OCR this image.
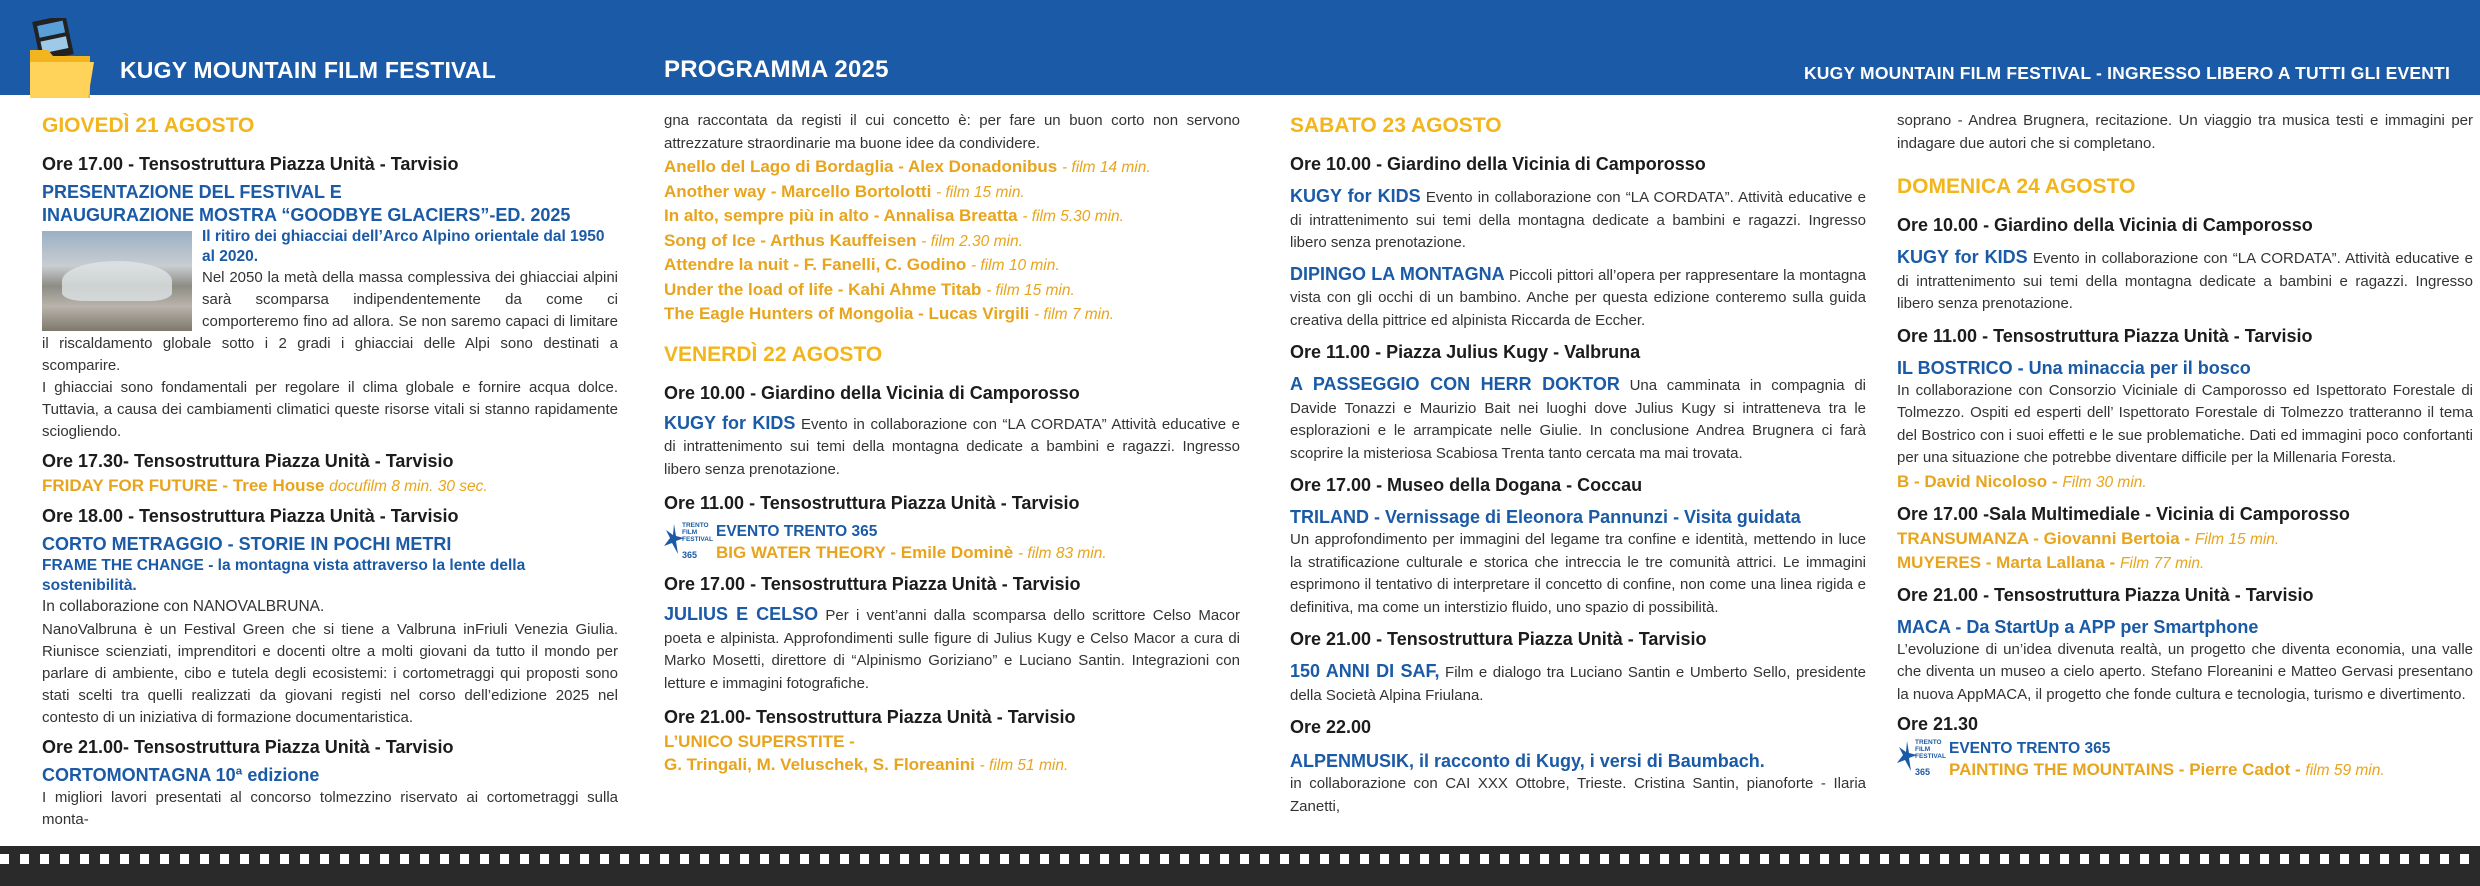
KUGY MOUNTAIN FILM FESTIVAL	PROGRAMMA 2025	KUGY MOUNTAIN FILM FESTIVAL - INGRESSO LIBERO A TUTTI GLI EVENTI
GIOVEDÌ 21 AGOSTO
Ore 17.00 - Tensostruttura Piazza Unità - Tarvisio
PRESENTAZIONE DEL FESTIVAL E
INAUGURAZIONE MOSTRA “GOODBYE GLACIERS”-ED. 2025
Il ritiro dei ghiacciai dell’Arco Alpino orientale dal 1950 al 2020.
Nel 2050 la metà della massa complessiva dei ghiacciai alpini sarà scomparsa indipendentemente da come ci comporteremo fino ad allora. Se non saremo capaci di limitare il riscaldamento globale sotto i 2 gradi i ghiacciai delle Alpi sono destinati a scomparire.
I ghiacciai sono fondamentali per regolare il clima globale e fornire acqua dolce. Tuttavia, a causa dei cambiamenti climatici queste risorse vitali si stanno rapidamente sciogliendo.
Ore 17.30- Tensostruttura Piazza Unità - Tarvisio
FRIDAY FOR FUTURE - Tree House docufilm 8 min. 30 sec.
Ore 18.00 - Tensostruttura Piazza Unità - Tarvisio
CORTO METRAGGIO - STORIE IN POCHI METRI
FRAME THE CHANGE - la montagna vista attraverso la lente della sostenibilità.
In collaborazione con NANOVALBRUNA.
NanoValbruna è un Festival Green che si tiene a Valbruna inFriuli Venezia Giulia. Riunisce scienziati, imprenditori e docenti oltre a molti giovani da tutto il mondo per parlare di ambiente, cibo e tutela degli ecosistemi: i cortometraggi qui proposti sono stati scelti tra quelli realizzati da giovani registi nel corso dell’edizione 2025 nel contesto di un iniziativa di formazione documentaristica.
Ore 21.00- Tensostruttura Piazza Unità - Tarvisio
CORTOMONTAGNA 10ª edizione
I migliori lavori presentati al concorso tolmezzino riservato ai cortometraggi sulla monta-
gna raccontata da registi il cui concetto è: per fare un buon corto non servono attrezzature straordinarie ma buone idee da condividere.
Anello del Lago di Bordaglia - Alex Donadonibus - film 14 min.
Another way - Marcello Bortolotti - film 15 min.
In alto, sempre più in alto - Annalisa Breatta - film 5.30 min.
Song of Ice - Arthus Kauffeisen - film 2.30 min.
Attendre la nuit - F. Fanelli, C. Godino - film 10 min.
Under the load of life - Kahi Ahme Titab - film 15 min.
The Eagle Hunters of Mongolia - Lucas Virgili - film 7 min.
VENERDÌ 22 AGOSTO
Ore 10.00 - Giardino della Vicinia di Camporosso
KUGY for KIDS Evento in collaborazione con “LA CORDATA” Attività educative e di intrattenimento sui temi della montagna dedicate a bambini e ragazzi. Ingresso libero senza prenotazione.
Ore 11.00 - Tensostruttura Piazza Unità - Tarvisio
TRENTO FILM FESTIVAL
365
EVENTO TRENTO 365
BIG WATER THEORY - Emile Dominè - film 83 min.
Ore 17.00 - Tensostruttura Piazza Unità - Tarvisio
JULIUS E CELSO Per i vent’anni dalla scomparsa dello scrittore Celso Macor poeta e alpinista. Approfondimenti sulle figure di Julius Kugy e Celso Macor a cura di Marko Mosetti, direttore di “Alpinismo Goriziano” e Luciano Santin. Integrazioni con letture e immagini fotografiche.
Ore 21.00- Tensostruttura Piazza Unità - Tarvisio
L’UNICO SUPERSTITE -
G. Tringali, M. Veluschek, S. Floreanini - film 51 min.
SABATO 23 AGOSTO
Ore 10.00 - Giardino della Vicinia di Camporosso
KUGY for KIDS Evento in collaborazione con “LA CORDATA”. Attività educative e di intrattenimento sui temi della montagna dedicate a bambini e ragazzi. Ingresso libero senza prenotazione.
DIPINGO LA MONTAGNA Piccoli pittori all’opera per rappresentare la montagna vista con gli occhi di un bambino. Anche per questa edizione conteremo sulla guida creativa della pittrice ed alpinista Riccarda de Eccher.
Ore 11.00 - Piazza Julius Kugy - Valbruna
A PASSEGGIO CON HERR DOKTOR Una camminata in compagnia di Davide Tonazzi e Maurizio Bait nei luoghi dove Julius Kugy si intratteneva tra le esplorazioni e le arrampicate nelle Giulie. In conclusione Andrea Brugnera ci farà scoprire la misteriosa Scabiosa Trenta tanto cercata ma mai trovata.
Ore 17.00 - Museo della Dogana - Coccau
TRILAND - Vernissage di Eleonora Pannunzi - Visita guidata
Un approfondimento per immagini del legame tra confine e identità, mettendo in luce la stratificazione culturale e storica che intreccia le tre comunità attrici. Le immagini esprimono il tentativo di interpretare il concetto di confine, non come una linea rigida e definitiva, ma come un interstizio fluido, uno spazio di possibilità.
Ore 21.00 - Tensostruttura Piazza Unità - Tarvisio
150 ANNI DI SAF, Film e dialogo tra Luciano Santin e Umberto Sello, presidente della Società Alpina Friulana.
Ore 22.00
ALPENMUSIK, il racconto di Kugy, i versi di Baumbach.
in collaborazione con CAI XXX Ottobre, Trieste. Cristina Santin, pianoforte - Ilaria Zanetti,
soprano - Andrea Brugnera, recitazione. Un viaggio tra musica testi e immagini per indagare due autori che si completano.
DOMENICA 24 AGOSTO
Ore 10.00 - Giardino della Vicinia di Camporosso
KUGY for KIDS Evento in collaborazione con “LA CORDATA”. Attività educative e di intrattenimento sui temi della montagna dedicate a bambini e ragazzi. Ingresso libero senza prenotazione.
Ore 11.00 - Tensostruttura Piazza Unità - Tarvisio
IL BOSTRICO - Una minaccia per il bosco
In collaborazione con Consorzio Viciniale di Camporosso ed Ispettorato Forestale di Tolmezzo. Ospiti ed esperti dell’ Ispettorato Forestale di Tolmezzo tratteranno il tema del Bostrico con i suoi effetti e le sue problematiche. Dati ed immagini poco confortanti per una situazione che potrebbe diventare difficile per la Millenaria Foresta.
B - David Nicoloso - Film 30 min.
Ore 17.00 -Sala Multimediale - Vicinia di Camporosso
TRANSUMANZA - Giovanni Bertoia - Film 15 min.
MUYERES - Marta Lallana - Film 77 min.
Ore 21.00 - Tensostruttura Piazza Unità - Tarvisio
MACA - Da StartUp a APP per Smartphone
L’evoluzione di un’idea divenuta realtà, un progetto che diventa economia, una valle che diventa un museo a cielo aperto. Stefano Floreanini e Matteo Gervasi presentano la nuova AppMACA, il progetto che fonde cultura e tecnologia, turismo e divertimento.
Ore 21.30
TRENTO FILM FESTIVAL
365
EVENTO TRENTO 365
PAINTING THE MOUNTAINS - Pierre Cadot - film 59 min.
